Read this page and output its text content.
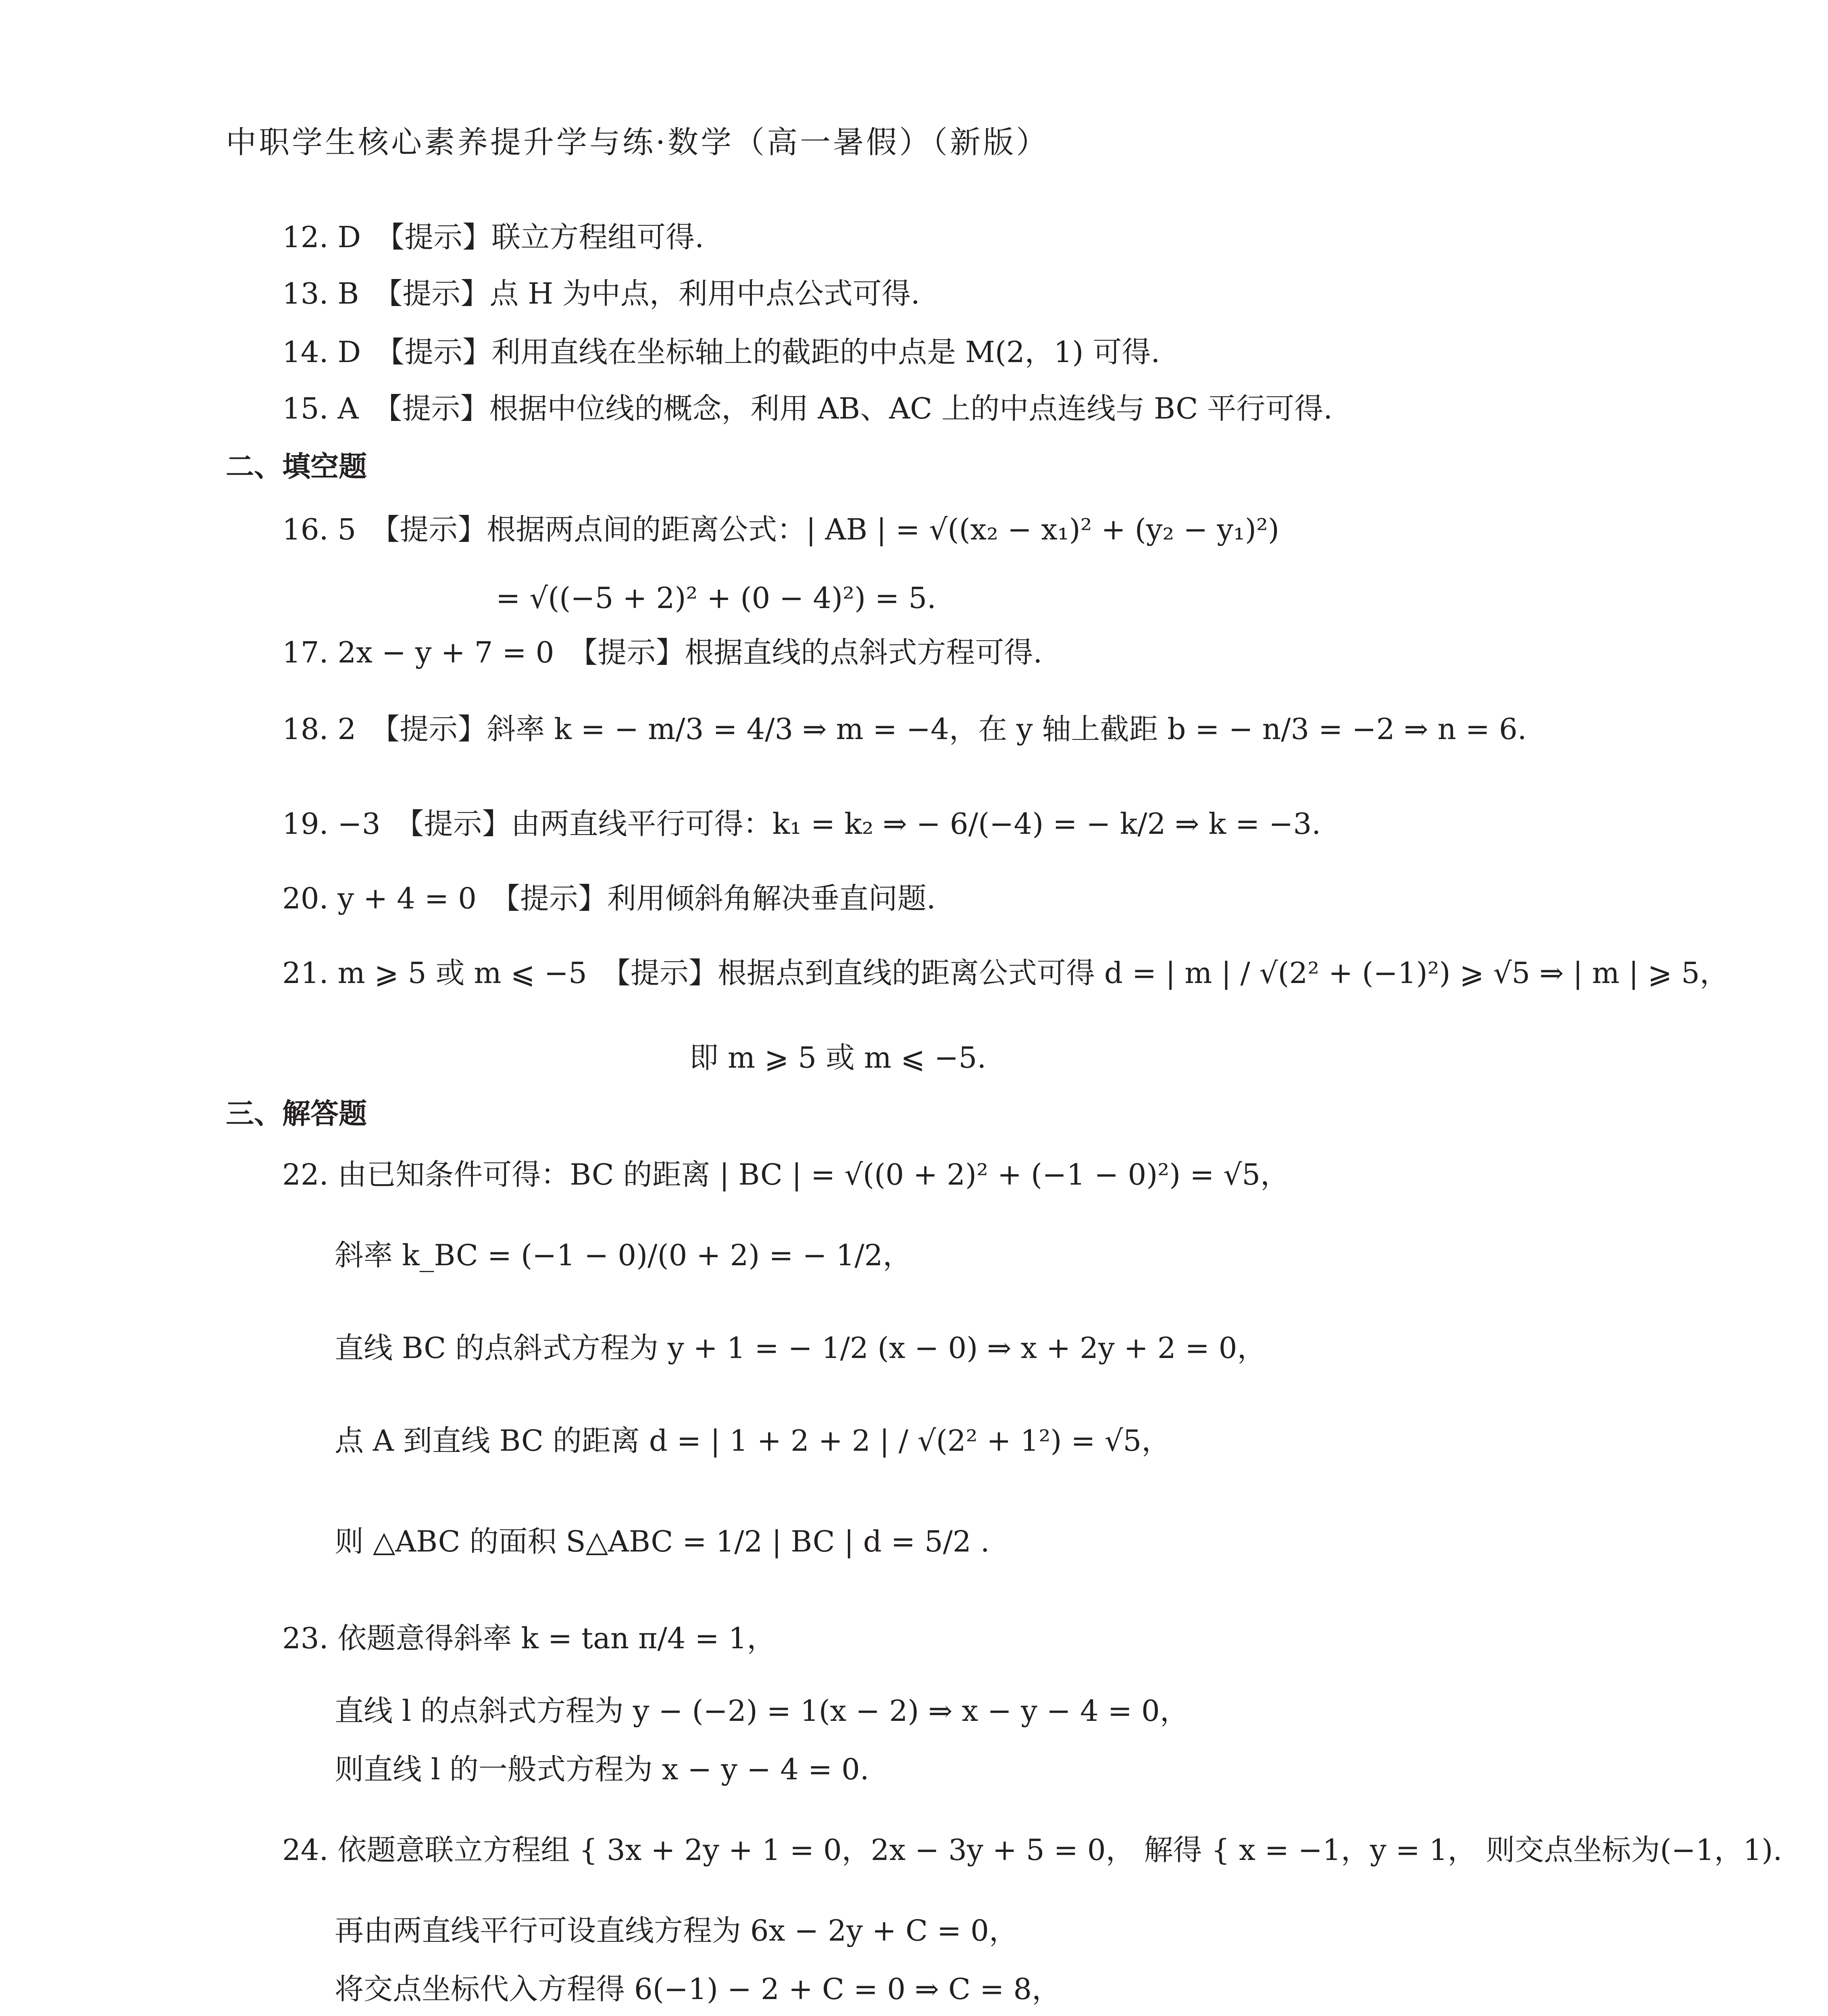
中职学生核心素养提升学与练·数学（高一暑假）（新版）
12. D　【提示】联立方程组可得.
13. B　【提示】点 H 为中点，利用中点公式可得.
14. D　【提示】利用直线在坐标轴上的截距的中点是 M(2，1) 可得.
15. A　【提示】根据中位线的概念，利用 AB、AC 上的中点连线与 BC 平行可得.
二、填空题
16. 5　【提示】根据两点间的距离公式：| AB | = √((x₂ − x₁)² + (y₂ − y₁)²)
= √((−5 + 2)² + (0 − 4)²) = 5.
17. 2x − y + 7 = 0　【提示】根据直线的点斜式方程可得.
18. 2　【提示】斜率 k = − m/3 = 4/3 ⇒ m = −4，在 y 轴上截距 b = − n/3 = −2 ⇒ n = 6.
19. −3　【提示】由两直线平行可得：k₁ = k₂ ⇒ − 6/(−4) = − k/2 ⇒ k = −3.
20. y + 4 = 0　【提示】利用倾斜角解决垂直问题.
21. m ⩾ 5 或 m ⩽ −5　【提示】根据点到直线的距离公式可得 d = | m | / √(2² + (−1)²) ⩾ √5 ⇒ | m | ⩾ 5，
即 m ⩾ 5 或 m ⩽ −5.
三、解答题
22. 由已知条件可得：BC 的距离 | BC | = √((0 + 2)² + (−1 − 0)²) = √5，
斜率 k_BC = (−1 − 0)/(0 + 2) = − 1/2，
直线 BC 的点斜式方程为 y + 1 = − 1/2 (x − 0) ⇒ x + 2y + 2 = 0，
点 A 到直线 BC 的距离 d = | 1 + 2 + 2 | / √(2² + 1²) = √5，
则 △ABC 的面积 S△ABC = 1/2 | BC | d = 5/2 .
23. 依题意得斜率 k = tan π/4 = 1，
直线 l 的点斜式方程为 y − (−2) = 1(x − 2) ⇒ x − y − 4 = 0，
则直线 l 的一般式方程为 x − y − 4 = 0.
24. 依题意联立方程组 { 3x + 2y + 1 = 0，2x − 3y + 5 = 0， 解得 { x = −1，y = 1， 则交点坐标为(−1，1).
再由两直线平行可设直线方程为 6x − 2y + C = 0，
将交点坐标代入方程得 6(−1) − 2 + C = 0 ⇒ C = 8，
